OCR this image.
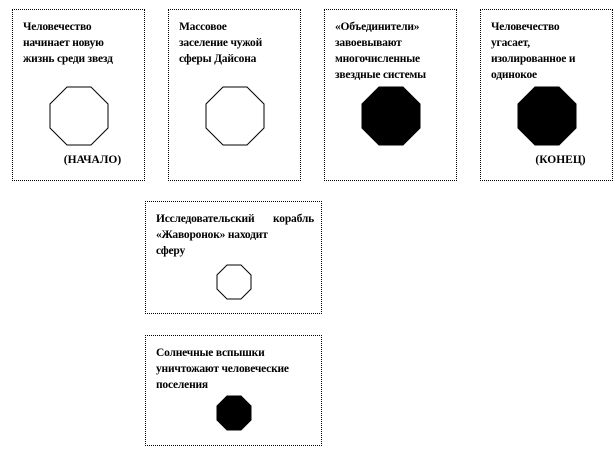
Человечество
начинает новую
жизнь среди звезд
(НАЧАЛО)
Массовое
заселение чужой
сферы Дайсона
«Объединители»
завоевывают
многочисленные
звездные системы
Человечество
угасает,
изолированное и
одинокое
(КОНЕЦ)
Исследовательский корабль
«Жаворонок» находит
сферу
Солнечные вспышки
уничтожают человеческие
поселения
